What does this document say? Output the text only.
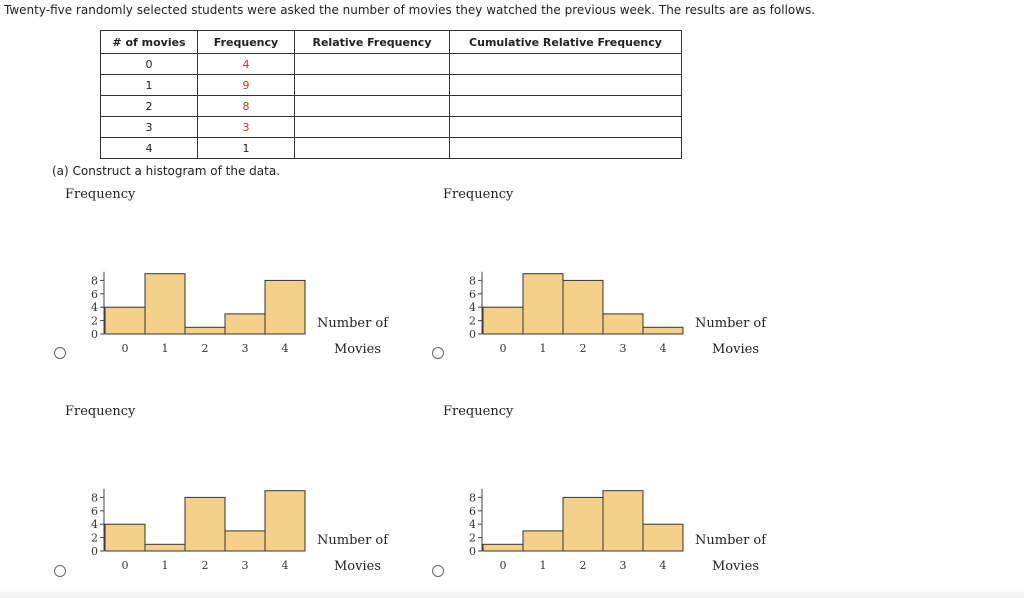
Twenty-five randomly selected students were asked the number of movies they watched the previous week. The results are as follows.
# of movies	Frequency	Relative Frequency	Cumulative Relative Frequency
0	4		
1	9		
2	8		
3	3		
4	1		
(a) Construct a histogram of the data.
Frequency
0
2
4
6
8
0	1	2	3	4
Number of
Movies
Frequency
0
2
4
6
8
0	1	2	3	4
Number of
Movies
Frequency
0
2
4
6
8
0	1	2	3	4
Number of
Movies
Frequency
0
2
4
6
8
0	1	2	3	4
Number of
Movies
